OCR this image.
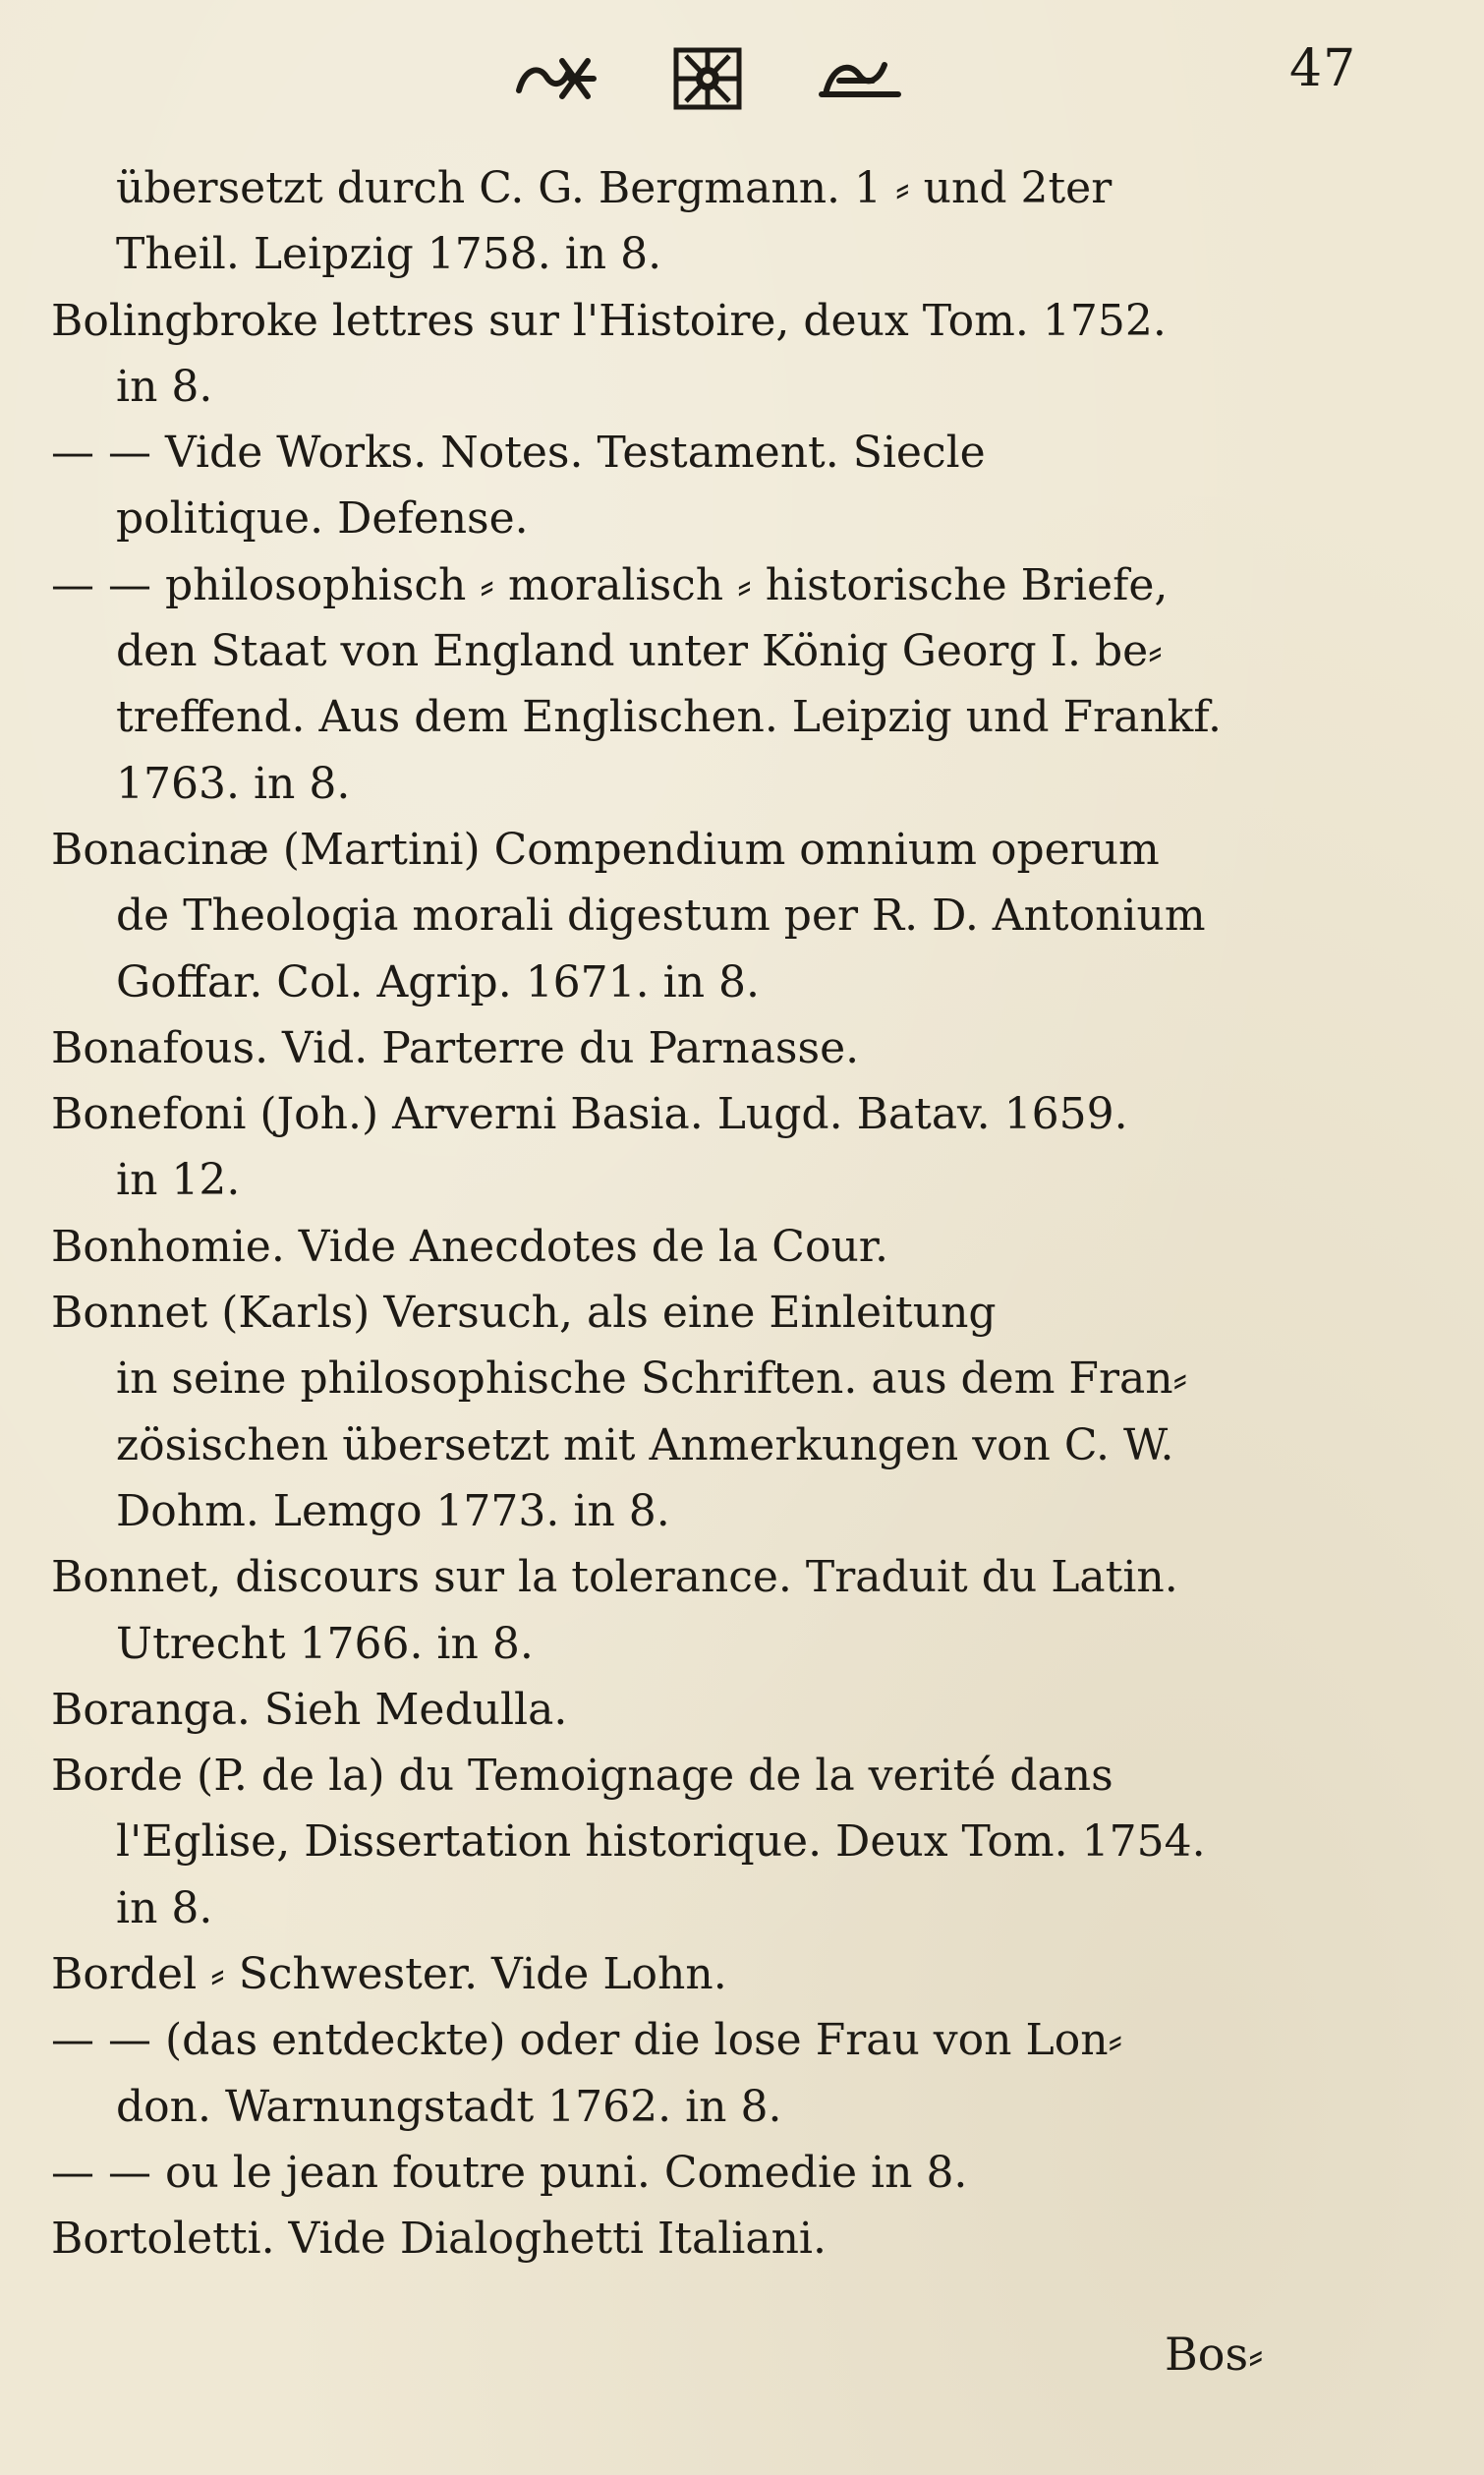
47
übersetzt durch C. G. Bergmann. 1 ⸗ und 2ter
Theil. Leipzig 1758. in 8.
Bolingbroke lettres sur l'Histoire, deux Tom. 1752.
in 8.
— — Vide Works. Notes. Testament. Siecle
politique. Defense.
— — philosophisch ⸗ moralisch ⸗ historische Briefe,
den Staat von England unter König Georg I. be⸗
treffend. Aus dem Englischen. Leipzig und Frankf.
1763. in 8.
Bonacinæ (Martini) Compendium omnium operum
de Theologia morali digestum per R. D. Antonium
Goffar. Col. Agrip. 1671. in 8.
Bonafous. Vid. Parterre du Parnasse.
Bonefoni (Joh.) Arverni Basia. Lugd. Batav. 1659.
in 12.
Bonhomie. Vide Anecdotes de la Cour.
Bonnet (Karls) Versuch, als eine Einleitung
in seine philosophische Schriften. aus dem Fran⸗
zösischen übersetzt mit Anmerkungen von C. W.
Dohm. Lemgo 1773. in 8.
Bonnet, discours sur la tolerance. Traduit du Latin.
Utrecht 1766. in 8.
Boranga. Sieh Medulla.
Borde (P. de la) du Temoignage de la verité dans
l'Eglise, Dissertation historique. Deux Tom. 1754.
in 8.
Bordel ⸗ Schwester. Vide Lohn.
— — (das entdeckte) oder die lose Frau von Lon⸗
don. Warnungstadt 1762. in 8.
— — ou le jean foutre puni. Comedie in 8.
Bortoletti. Vide Dialoghetti Italiani.
Bos⸗
